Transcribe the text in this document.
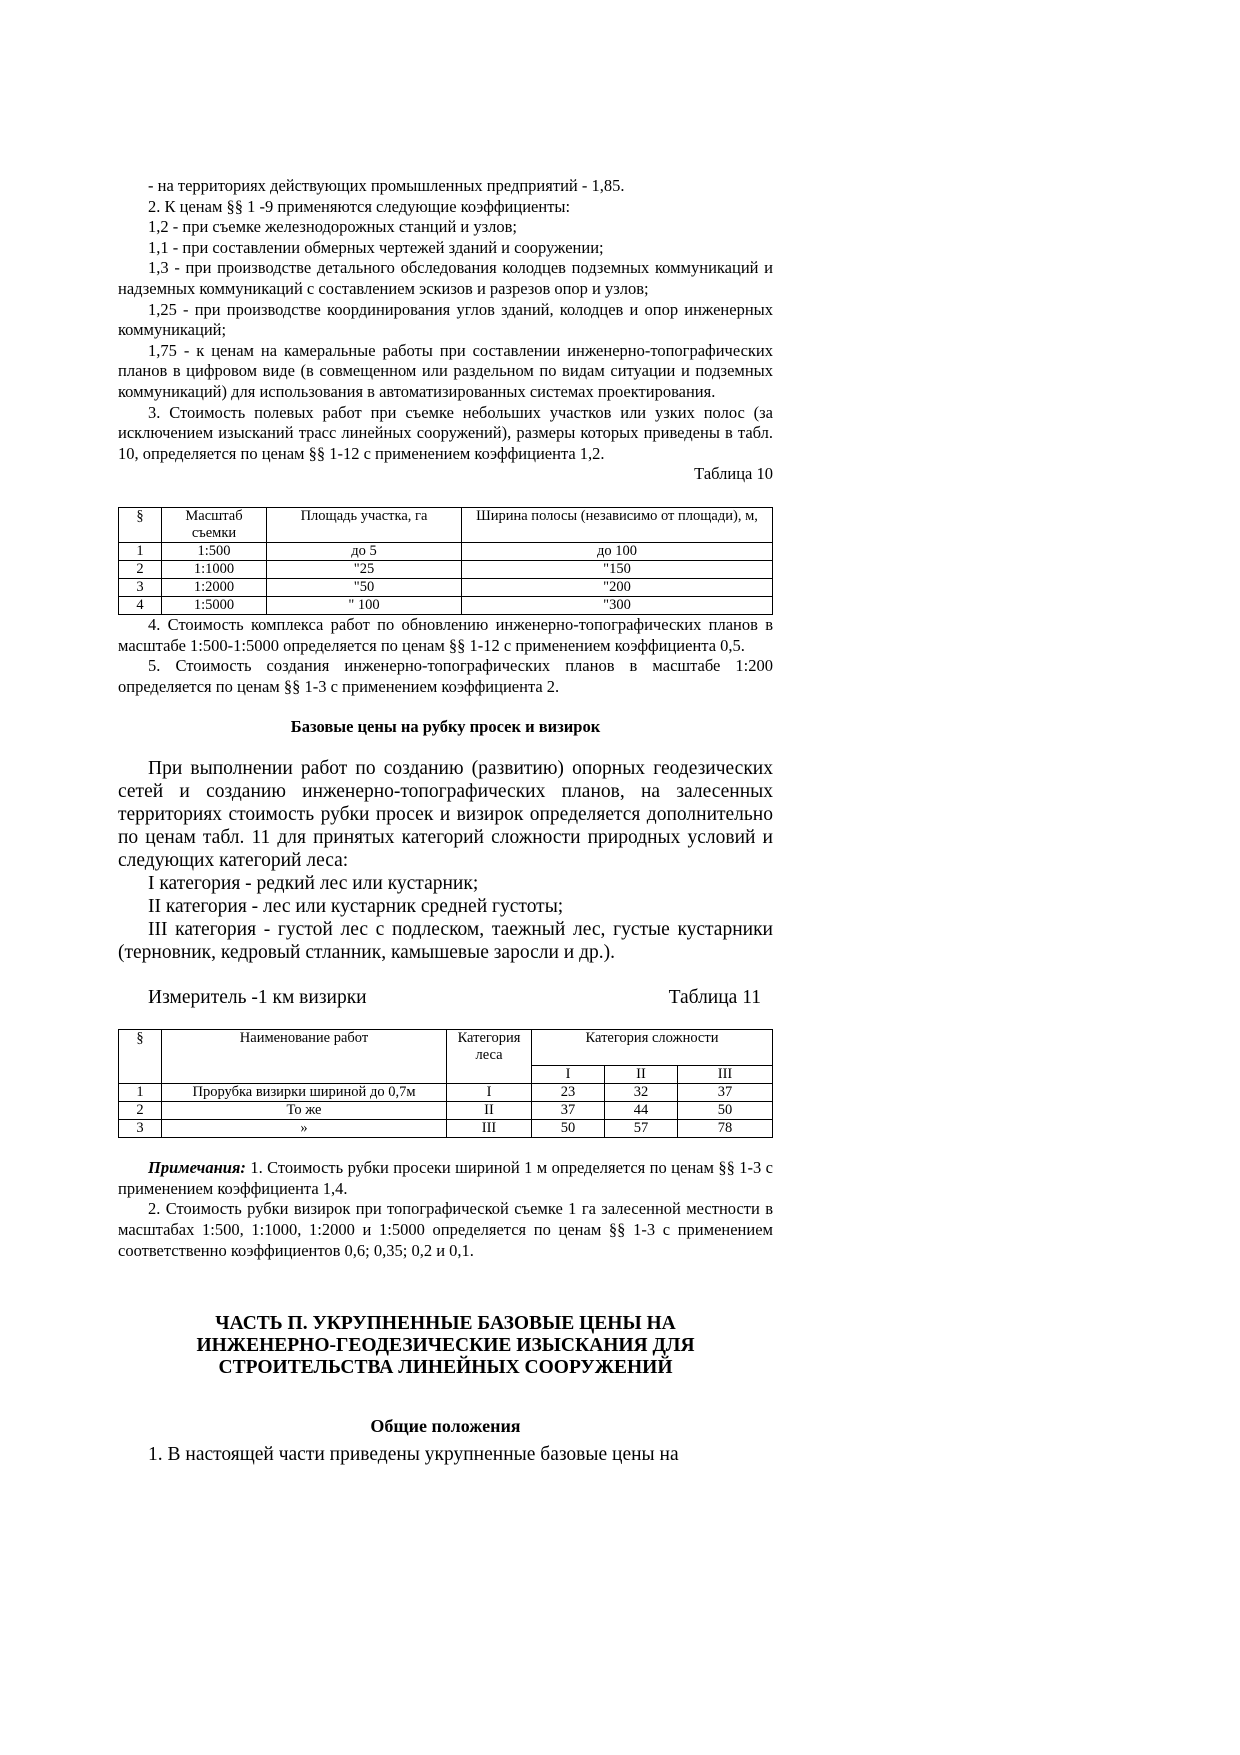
- на территориях действующих промышленных предприятий - 1,85.

2. К ценам §§ 1 -9 применяются следующие коэффициенты:

1,2 - при съемке железнодорожных станций и узлов;

1,1 - при составлении обмерных чертежей зданий и сооружении;

1,3 - при производстве детального обследования колодцев подземных коммуникаций и надземных коммуникаций с составлением эскизов и разрезов опор и узлов;

1,25 - при производстве координирования углов зданий, колодцев и опор инженерных коммуникаций;

1,75 - к ценам на камеральные работы при составлении инженерно-топографических планов в цифровом виде (в совмещенном или раздельном по видам ситуации и подземных коммуникаций) для использования в автоматизированных системах проектирования.

3. Стоимость полевых работ при съемке небольших участков или узких полос (за исключением изысканий трасс линейных сооружений), размеры которых приведены в табл. 10, определяется по ценам §§ 1-12 с применением коэффициента 1,2.

Таблица 10

§	Масштаб съемки	Площадь участка, га	Ширина полосы (независимо от площади), м,
1	1:500	до 5	до 100
2	1:1000	"25	"150
3	1:2000	"50	"200
4	1:5000	" 100	"300

4. Стоимость комплекса работ по обновлению инженерно-топографических планов в масштабе 1:500-1:5000 определяется по ценам §§ 1-12 с применением коэффициента 0,5.

5. Стоимость создания инженерно-топографических планов в масштабе 1:200 определяется по ценам §§ 1-3 с применением коэффициента 2.

Базовые цены на рубку просек и визирок

При выполнении работ по созданию (развитию) опорных геодезических сетей и созданию инженерно-топографических планов, на залесенных территориях стоимость рубки просек и визирок определяется дополнительно по ценам табл. 11 для принятых категорий сложности природных условий и следующих категорий леса:

I категория - редкий лес или кустарник;

II категория - лес или кустарник средней густоты;

III категория - густой лес с подлеском, таежный лес, густые кустарники (терновник, кедровый стланник, камышевые заросли и др.).

Измеритель -1 км визирки	Таблица 11
§	Наименование работ	Категория леса	Категория сложности		
			I	II	III
1	Прорубка визирки шириной до 0,7м	I	23	32	37
2	То же	II	37	44	50
3	»	III	50	57	78

Примечания: 1. Стоимость рубки просеки шириной 1 м определяется по ценам §§ 1-3 с применением коэффициента 1,4.

2. Стоимость рубки визирок при топографической съемке 1 га залесенной местности в масштабах 1:500, 1:1000, 1:2000 и 1:5000 определяется по ценам §§ 1-3 с применением соответственно коэффициентов 0,6; 0,35; 0,2 и 0,1.

ЧАСТЬ П. УКРУПНЕННЫЕ БАЗОВЫЕ ЦЕНЫ НА ИНЖЕНЕРНО-ГЕОДЕЗИЧЕСКИЕ ИЗЫСКАНИЯ ДЛЯ СТРОИТЕЛЬСТВА ЛИНЕЙНЫХ СООРУЖЕНИЙ

Общие положения

1. В настоящей части приведены укрупненные базовые цены на
